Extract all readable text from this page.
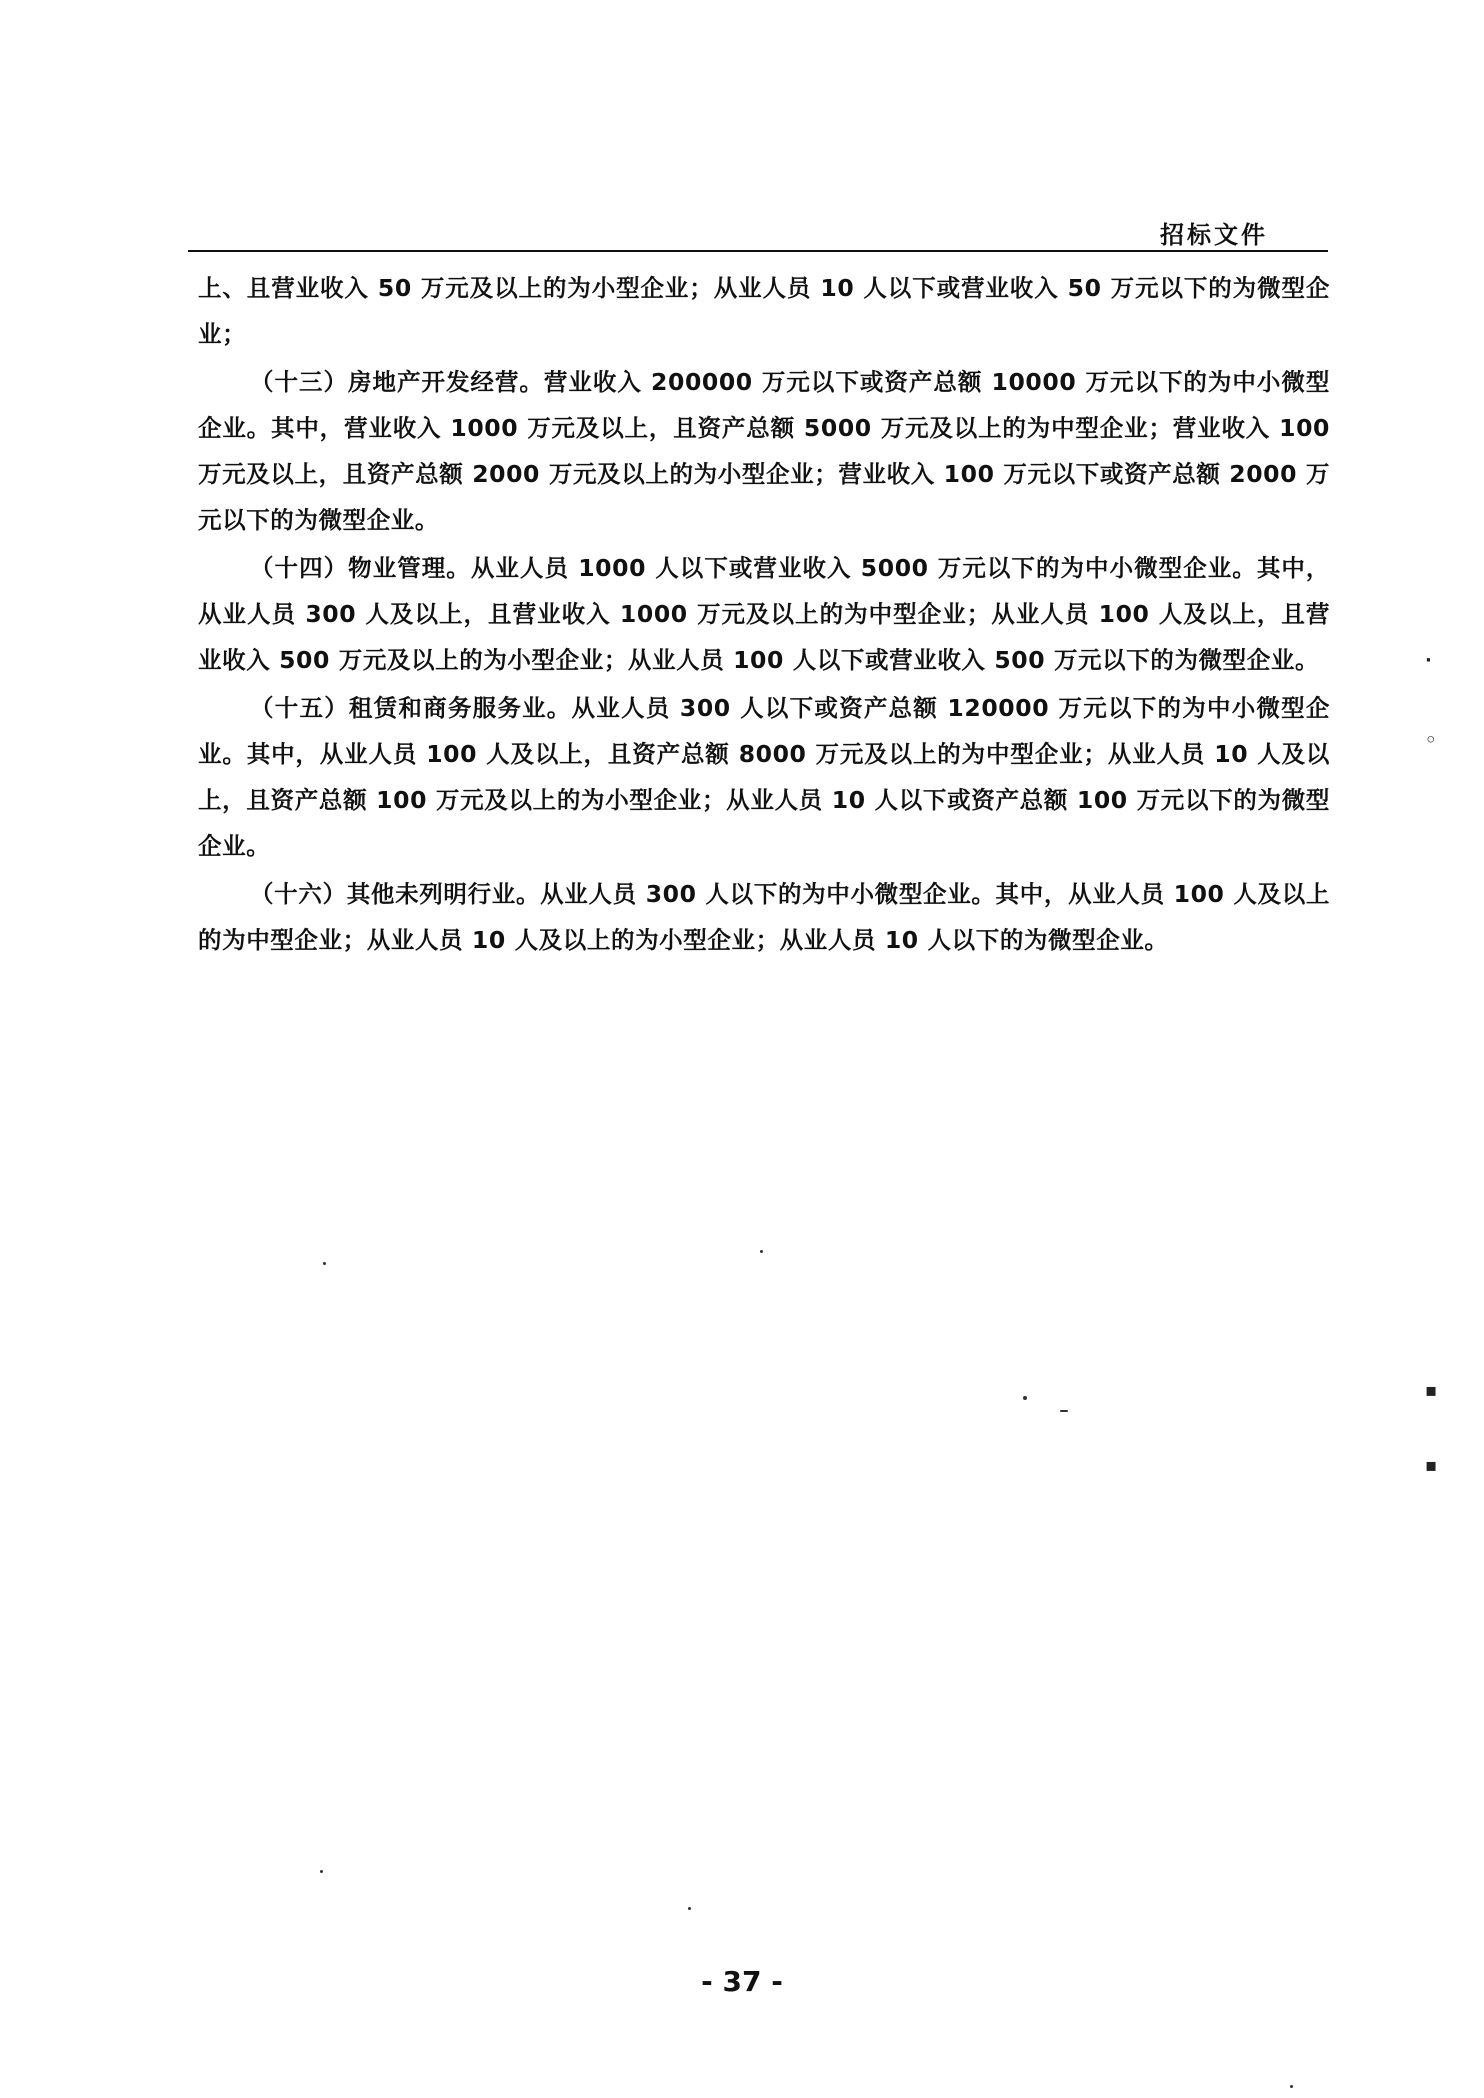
招标文件

上、且营业收入 50 万元及以上的为小型企业；从业人员 10 人以下或营业收入 50 万元以下的为微型企业；

（十三）房地产开发经营。营业收入 200000 万元以下或资产总额 10000 万元以下的为中小微型企业。其中，营业收入 1000 万元及以上，且资产总额 5000 万元及以上的为中型企业；营业收入 100 万元及以上，且资产总额 2000 万元及以上的为小型企业；营业收入 100 万元以下或资产总额 2000 万元以下的为微型企业。

（十四）物业管理。从业人员 1000 人以下或营业收入 5000 万元以下的为中小微型企业。其中，从业人员 300 人及以上，且营业收入 1000 万元及以上的为中型企业；从业人员 100 人及以上，且营业收入 500 万元及以上的为小型企业；从业人员 100 人以下或营业收入 500 万元以下的为微型企业。

（十五）租赁和商务服务业。从业人员 300 人以下或资产总额 120000 万元以下的为中小微型企业。其中，从业人员 100 人及以上，且资产总额 8000 万元及以上的为中型企业；从业人员 10 人及以上，且资产总额 100 万元及以上的为小型企业；从业人员 10 人以下或资产总额 100 万元以下的为微型企业。

（十六）其他未列明行业。从业人员 300 人以下的为中小微型企业。其中，从业人员 100 人及以上的为中型企业；从业人员 10 人及以上的为小型企业；从业人员 10 人以下的为微型企业。

- 37 -
·
◦
▪
▪
